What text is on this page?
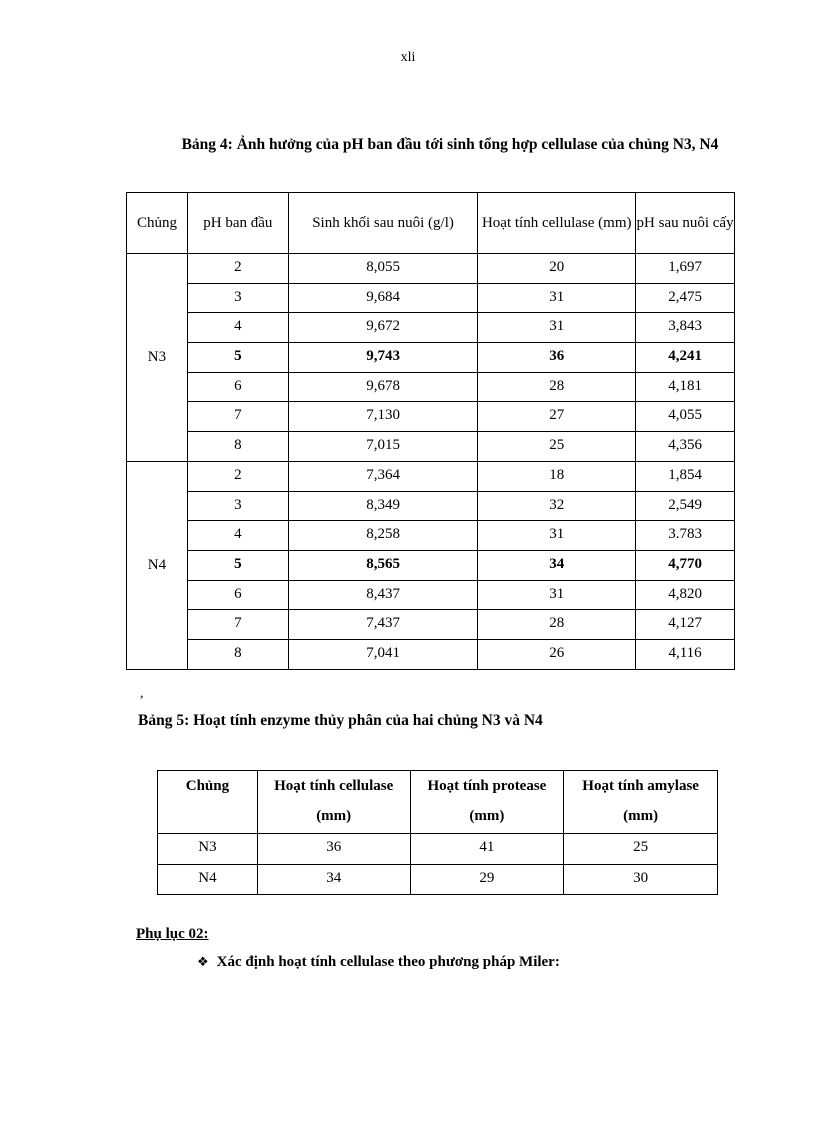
xli
Bảng 4: Ảnh hưởng của pH ban đầu tới sinh tổng hợp cellulase của chủng N3, N4
Chủng	pH ban đầu	Sinh khối sau nuôi (g/l)	Hoạt tính cellulase (mm)	pH sau nuôi cấy
N3	2	8,055	20	1,697
	3	9,684	31	2,475
	4	9,672	31	3,843
	5	9,743	36	4,241
	6	9,678	28	4,181
	7	7,130	27	4,055
	8	7,015	25	4,356
N4	2	7,364	18	1,854
	3	8,349	32	2,549
	4	8,258	31	3.783
	5	8,565	34	4,770
	6	8,437	31	4,820
	7	7,437	28	4,127
	8	7,041	26	4,116
,
Bảng 5: Hoạt tính enzyme thủy phân của hai chủng N3 và N4
Chủng	Hoạt tính cellulase (mm)	Hoạt tính protease (mm)	Hoạt tính amylase (mm)
N3	36	41	25
N4	34	29	30
Phụ lục 02:
❖ Xác định hoạt tính cellulase theo phương pháp Miler:
